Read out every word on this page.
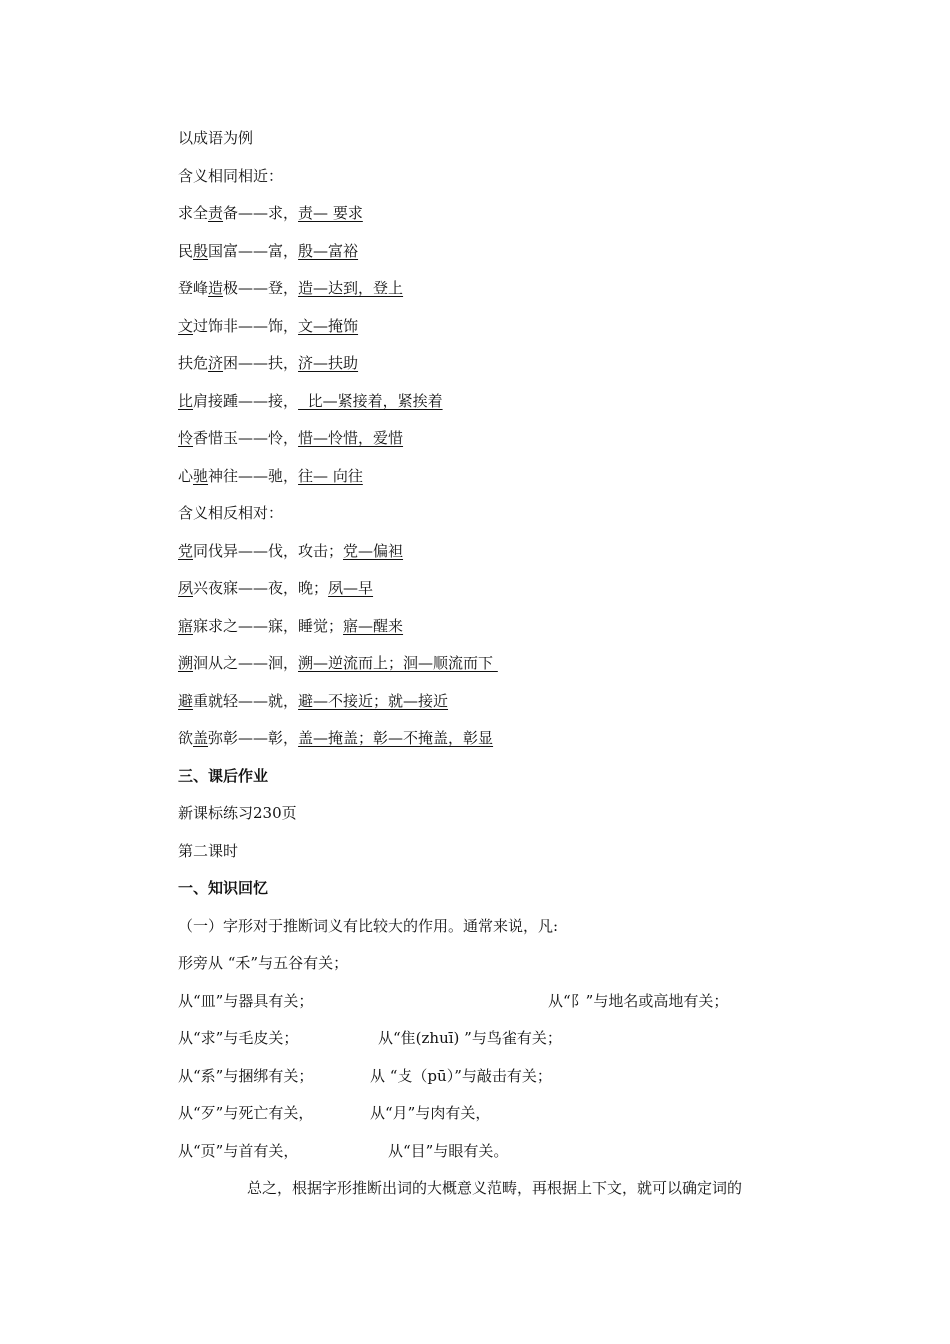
以成语为例
含义相同相近：
求全责备——求，责— 要求
民殷国富——富，殷—富裕
登峰造极——登，造—达到，登上
文过饰非——饰，文—掩饰
扶危济困——扶，济—扶助
比肩接踵——接，  比—紧接着，紧挨着
怜香惜玉——怜，惜—怜惜，爱惜
心驰神往——驰，往— 向往
含义相反相对：
党同伐异——伐，攻击；党—偏袒
夙兴夜寐——夜，晚；夙—早
寤寐求之——寐，睡觉；寤—醒来
溯洄从之——洄，溯—逆流而上；洄—顺流而下
避重就轻——就，避—不接近；就—接近
欲盖弥彰——彰，盖—掩盖；彰—不掩盖，彰显
三、课后作业
新课标练习230页
第二课时
一、知识回忆
（一）字形对于推断词义有比较大的作用。通常来说，凡:
形旁从 “禾”与五谷有关；
从“皿”与器具有关；	从“阝”与地名或高地有关；
从“求”与毛皮关；	从“隹(zhuī) ”与鸟雀有关；
从“系”与捆绑有关；	从 “攴（pū）”与敲击有关；
从“歹”与死亡有关，	从“月”与肉有关，
从“页”与首有关，	从“目”与眼有关。
总之，根据字形推断出词的大概意义范畴，再根据上下文，就可以确定词的
